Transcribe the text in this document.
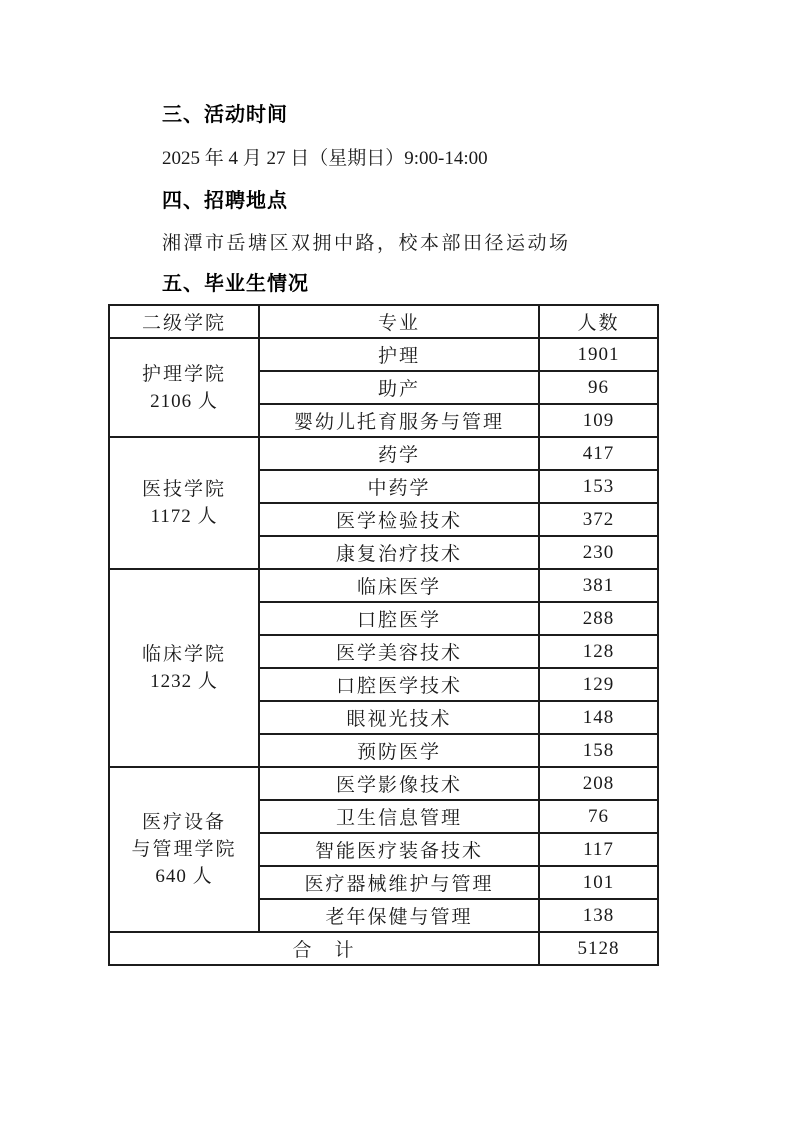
三、活动时间
2025 年 4 月 27 日（星期日）9:00-14:00
四、招聘地点
湘潭市岳塘区双拥中路，校本部田径运动场
五、毕业生情况
二级学院	专业	人数

护理学院
2106 人	护理	1901
	助产	96
	婴幼儿托育服务与管理	109

医技学院
1172 人	药学	417
	中药学	153
	医学检验技术	372
	康复治疗技术	230

临床学院
1232 人	临床医学	381
	口腔医学	288
	医学美容技术	128
	口腔医学技术	129
	眼视光技术	148
	预防医学	158

医疗设备
与管理学院
640 人	医学影像技术	208
	卫生信息管理	76
	智能医疗装备技术	117
	医疗器械维护与管理	101
	老年保健与管理	138
合　计		5128
